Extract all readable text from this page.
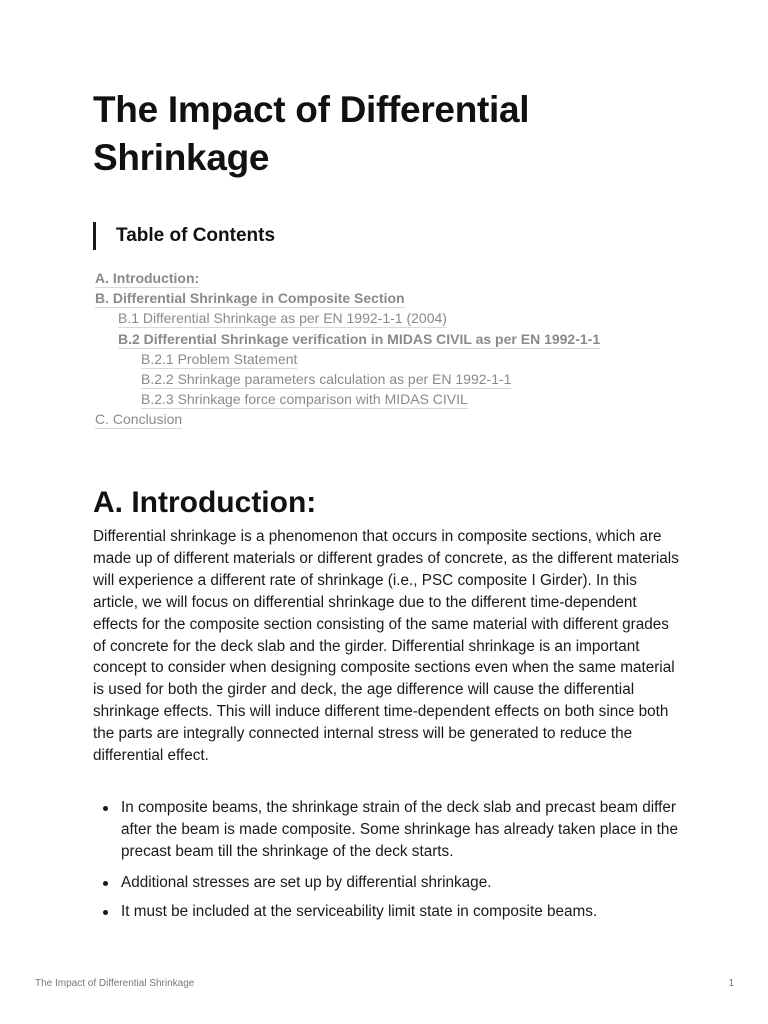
The Impact of Differential Shrinkage
Table of Contents
A. Introduction:
B. Differential Shrinkage in Composite Section
B.1 Differential Shrinkage as per EN 1992-1-1 (2004)
B.2 Differential Shrinkage verification in MIDAS CIVIL as per EN 1992-1-1
B.2.1 Problem Statement
B.2.2 Shrinkage parameters calculation as per EN 1992-1-1
B.2.3 Shrinkage force comparison with MIDAS CIVIL
C. Conclusion
A. Introduction:

Differential shrinkage is a phenomenon that occurs in composite sections, which are made up of different materials or different grades of concrete, as the different materials will experience a different rate of shrinkage (i.e., PSC composite I Girder). In this article, we will focus on differential shrinkage due to the different time-dependent effects for the composite section consisting of the same material with different grades of concrete for the deck slab and the girder. Differential shrinkage is an important concept to consider when designing composite sections even when the same material is used for both the girder and deck, the age difference will cause the differential shrinkage effects. This will induce different time-dependent effects on both since both the parts are integrally connected internal stress will be generated to reduce the differential effect.

In composite beams, the shrinkage strain of the deck slab and precast beam differ after the beam is made composite. Some shrinkage has already taken place in the precast beam till the shrinkage of the deck starts.
Additional stresses are set up by differential shrinkage.
It must be included at the serviceability limit state in composite beams.
The Impact of Differential Shrinkage	1
